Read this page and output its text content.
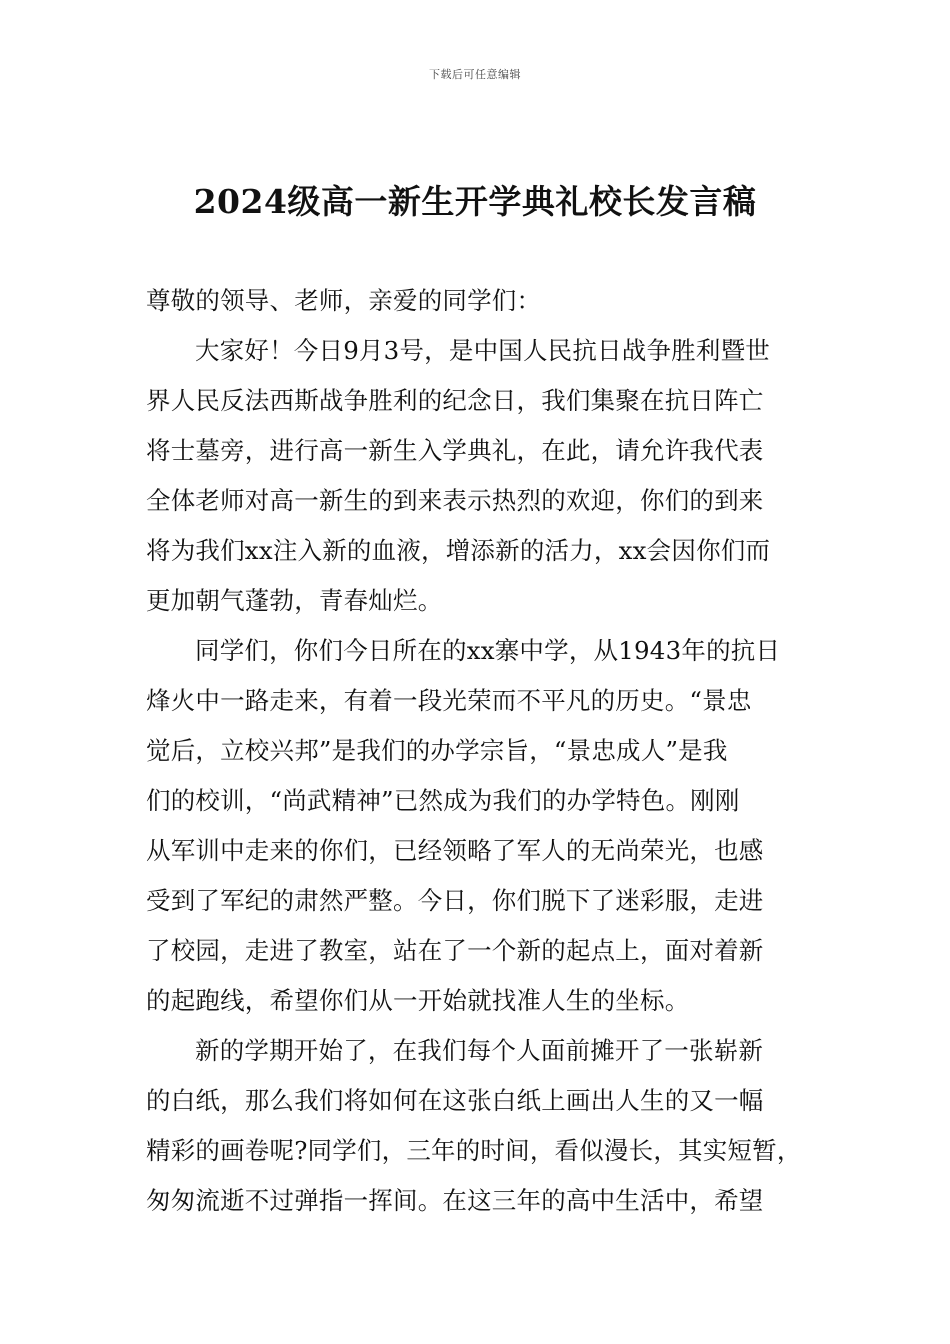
下载后可任意编辑
2024级高一新生开学典礼校长发言稿
尊敬的领导、老师，亲爱的同学们：
大家好！今日9月3号，是中国人民抗日战争胜利暨世
界人民反法西斯战争胜利的纪念日，我们集聚在抗日阵亡
将士墓旁，进行高一新生入学典礼，在此，请允许我代表
全体老师对高一新生的到来表示热烈的欢迎，你们的到来
将为我们xx注入新的血液，增添新的活力，xx会因你们而
更加朝气蓬勃，青春灿烂。
同学们，你们今日所在的xx寨中学，从1943年的抗日
烽火中一路走来，有着一段光荣而不平凡的历史。“景忠
觉后，立校兴邦”是我们的办学宗旨，“景忠成人”是我
们的校训，“尚武精神”已然成为我们的办学特色。刚刚
从军训中走来的你们，已经领略了军人的无尚荣光，也感
受到了军纪的肃然严整。今日，你们脱下了迷彩服，走进
了校园，走进了教室，站在了一个新的起点上，面对着新
的起跑线，希望你们从一开始就找准人生的坐标。
新的学期开始了，在我们每个人面前摊开了一张崭新
的白纸，那么我们将如何在这张白纸上画出人生的又一幅
精彩的画卷呢?同学们，三年的时间，看似漫长，其实短暂，
匆匆流逝不过弹指一挥间。在这三年的高中生活中，希望
